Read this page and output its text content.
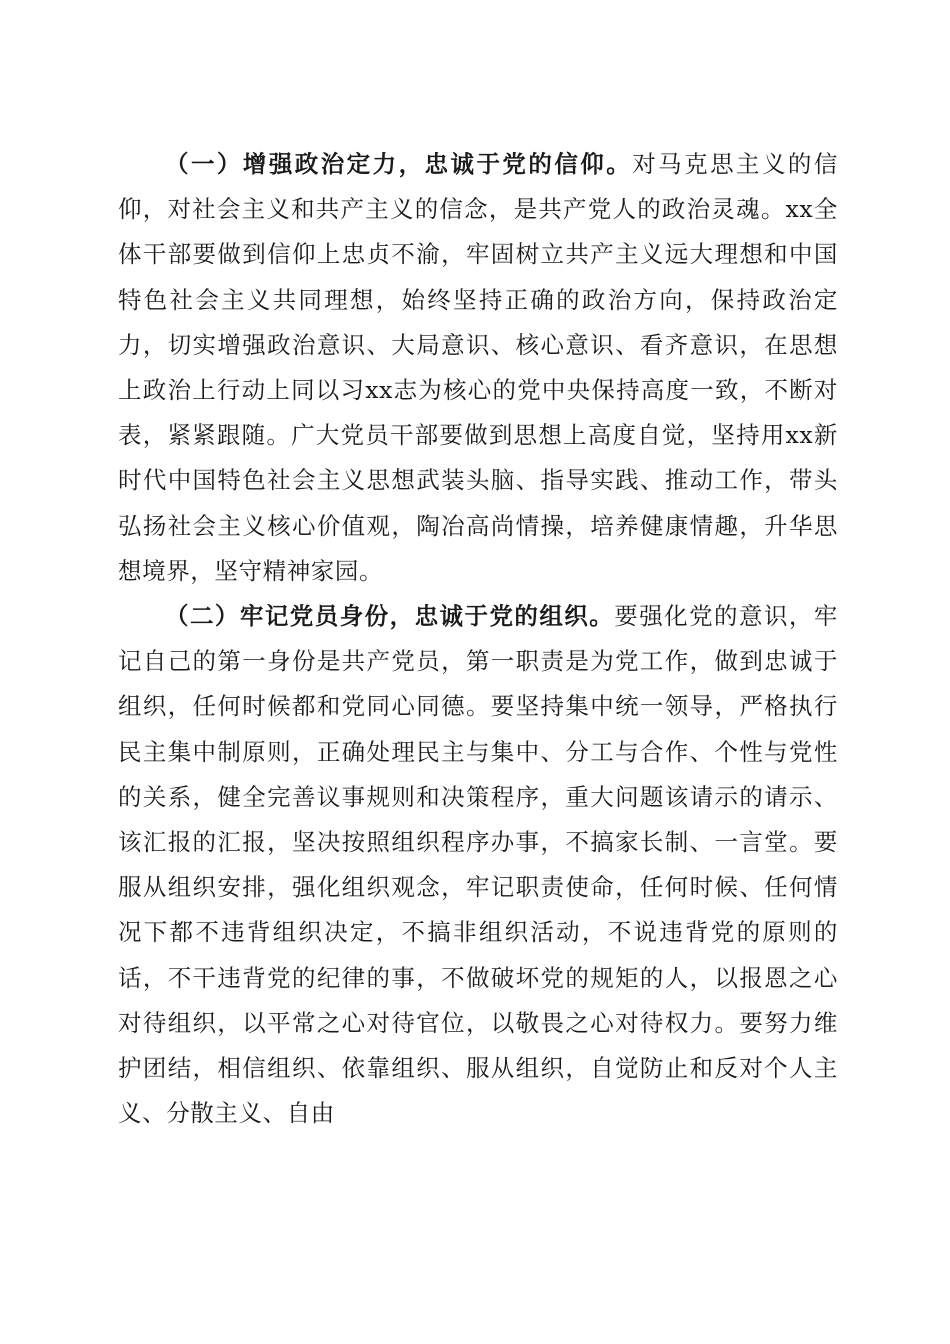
（一）增强政治定力，忠诚于党的信仰。对马克思主义的信仰，对社会主义和共产主义的信念，是共产党人的政治灵魂。xx全体干部要做到信仰上忠贞不渝，牢固树立共产主义远大理想和中国特色社会主义共同理想，始终坚持正确的政治方向，保持政治定力，切实增强政治意识、大局意识、核心意识、看齐意识，在思想上政治上行动上同以习xx志为核心的党中央保持高度一致，不断对表，紧紧跟随。广大党员干部要做到思想上高度自觉，坚持用xx新时代中国特色社会主义思想武装头脑、指导实践、推动工作，带头弘扬社会主义核心价值观，陶冶高尚情操，培养健康情趣，升华思想境界，坚守精神家园。

（二）牢记党员身份，忠诚于党的组织。要强化党的意识，牢记自己的第一身份是共产党员，第一职责是为党工作，做到忠诚于组织，任何时候都和党同心同德。要坚持集中统一领导，严格执行民主集中制原则，正确处理民主与集中、分工与合作、个性与党性的关系，健全完善议事规则和决策程序，重大问题该请示的请示、该汇报的汇报，坚决按照组织程序办事，不搞家长制、一言堂。要服从组织安排，强化组织观念，牢记职责使命，任何时候、任何情况下都不违背组织决定，不搞非组织活动，不说违背党的原则的话，不干违背党的纪律的事，不做破坏党的规矩的人，以报恩之心对待组织，以平常之心对待官位，以敬畏之心对待权力。要努力维护团结，相信组织、依靠组织、服从组织，自觉防止和反对个人主义、分散主义、自由
